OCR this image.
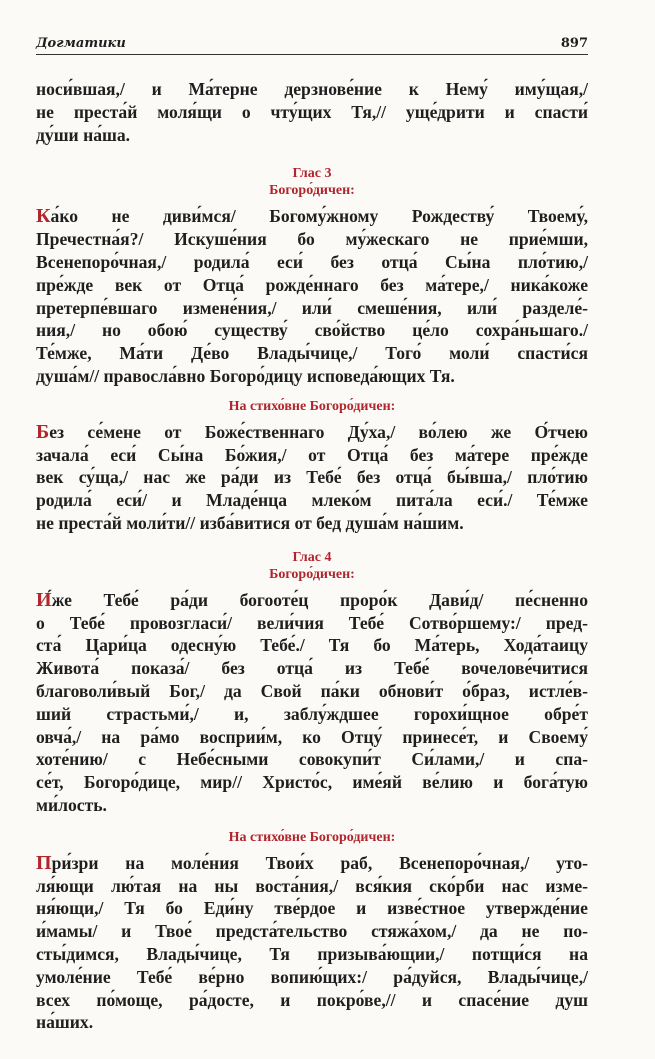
Догматики	897

носи́вшая,/ и Ма́терне дерзнове́ние к Нему́ иму́щая,/
не преста́й моля́щи о чту́щих Тя,// уще́дрити и спасти́
ду́ши на́ша.

Глас 3

Богоро́дичен:

Ка́ко не диви́мся/ Богому́жному Рождеству́ Твоему́,
Пречестна́я?/ Искуше́ния бо му́жескаго не прие́мши,
Всенепоро́чная,/ родила́ еси́ без отца́ Сы́на пло́тию,/
пре́жде век от Отца́ рожде́ннаго без ма́тере,/ ника́коже
претерпе́вшаго измене́ния,/ или́ смеше́ния, или́ разделе́-
ния,/ но обою́ существу́ сво́йство це́ло сохра́ньшаго./
Те́мже, Ма́ти Де́во Влады́чице,/ Того́ моли́ спасти́ся
душа́м// правосла́вно Богоро́дицу исповеда́ющих Тя.

На стихо́вне Богоро́дичен:

Без се́мене от Боже́ственнаго Ду́ха,/ во́лею же О́тчею
зачала́ еси́ Сы́на Бо́жия,/ от Отца́ без ма́тере пре́жде
век су́ща,/ нас же ра́ди из Тебе́ без отца́ бы́вша,/ пло́тию
родила́ еси́/ и Младе́нца млеко́м пита́ла еси́./ Те́мже
не преста́й моли́ти// изба́витися от бед душа́м на́шим.

Глас 4

Богоро́дичен:

И́же Тебе́ ра́ди богооте́ц проро́к Дави́д/ пе́сненно
о Тебе́ провозгласи́/ вели́чия Тебе́ Сотво́ршему:/ пред-
ста́ Цари́ца одесну́ю Тебе́./ Тя бо Ма́терь, Хода́таицу
Живота́ показа́/ без отца́ из Тебе́ вочелове́читися
благоволи́вый Бог,/ да Свой па́ки обнови́т о́браз, истле́в-
ший страстьми́,/ и, заблу́ждшее горохи́щное обре́т
овча́,/ на ра́мо восприи́м, ко Отцу́ принесе́т, и Своему́
хоте́нию/ с Небе́сными совокупи́т Си́лами,/ и спа-
се́т, Богоро́дице, мир// Христо́с, име́яй ве́лию и бога́тую
ми́лость.

На стихо́вне Богоро́дичен:

При́зри на моле́ния Твои́х раб, Всенепоро́чная,/ уто-
ля́ющи лю́тая на ны воста́ния,/ вся́кия ско́рби нас изме-
ня́ющи,/ Тя бо Еди́ну тве́рдое и изве́стное утвержде́ние
и́мамы/ и Твое́ предста́тельство стяжа́хом,/ да не по-
сты́димся, Влады́чице, Тя призыва́ющии,/ потщи́ся на
умоле́ние Тебе́ ве́рно вопию́щих:/ ра́дуйся, Влады́чице,/
всех по́моще, ра́досте, и покро́ве,// и спасе́ние душ
на́ших.
